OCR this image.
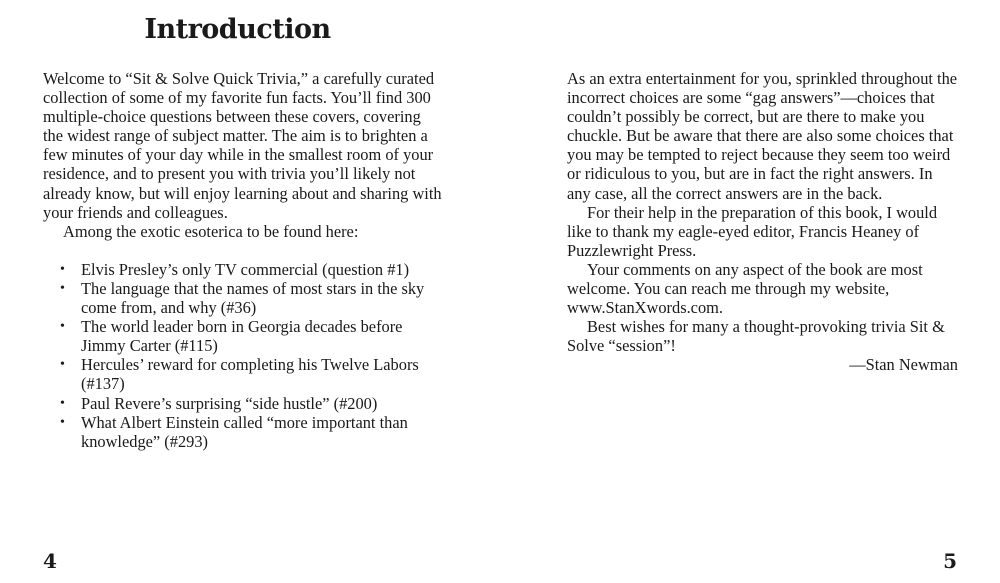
Introduction

Welcome to “Sit & Solve Quick Trivia,” a carefully curated collection of some of my favorite fun facts. You’ll find 300 multiple-choice questions between these covers, covering the widest range of subject matter. The aim is to brighten a few minutes of your day while in the smallest room of your residence, and to present you with trivia you’ll likely not already know, but will enjoy learning about and sharing with your friends and colleagues.

Among the exotic esoterica to be found here:

• Elvis Presley’s only TV commercial (question #1)
• The language that the names of most stars in the sky come from, and why (#36)
• The world leader born in Georgia decades before Jimmy Carter (#115)
• Hercules’ reward for completing his Twelve Labors (#137)
• Paul Revere’s surprising “side hustle” (#200)
• What Albert Einstein called “more important than knowledge” (#293)
4

As an extra entertainment for you, sprinkled throughout the incorrect choices are some “gag answers”—choices that couldn’t possibly be correct, but are there to make you chuckle. But be aware that there are also some choices that you may be tempted to reject because they seem too weird or ridiculous to you, but are in fact the right answers. In any case, all the correct answers are in the back.

For their help in the preparation of this book, I would like to thank my eagle-eyed editor, Francis Heaney of Puzzlewright Press.

Your comments on any aspect of the book are most welcome. You can reach me through my website, www.StanXwords.com.

Best wishes for many a thought-provoking trivia Sit & Solve “session”!

—Stan Newman

5
